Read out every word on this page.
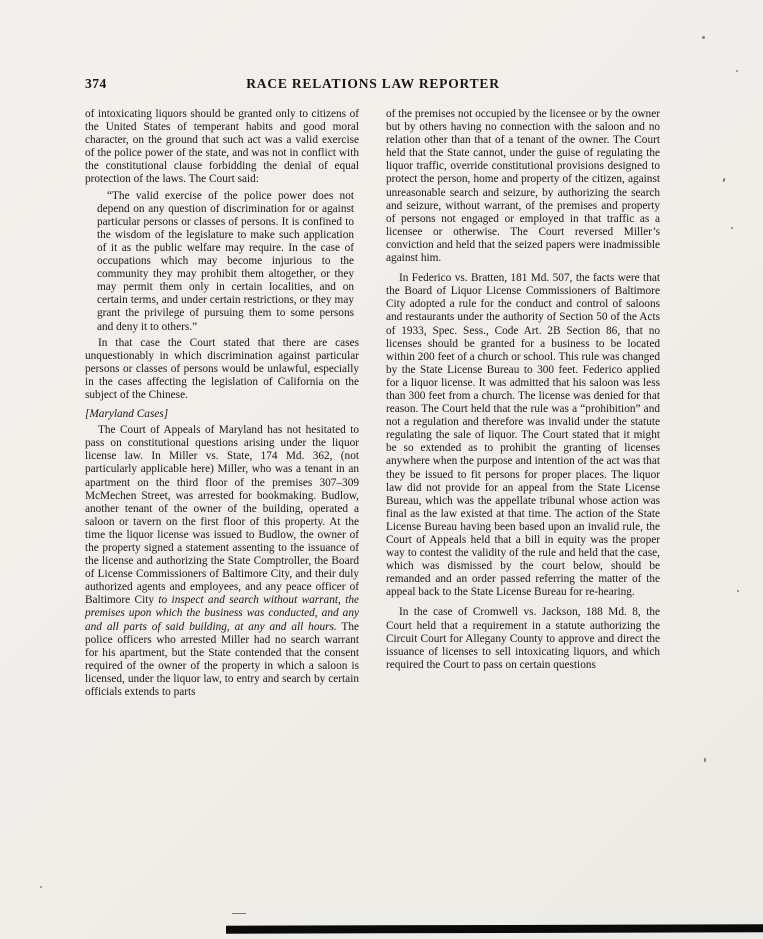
374	RACE RELATIONS LAW REPORTER

of intoxicating liquors should be granted only to citizens of the United States of temperant habits and good moral character, on the ground that such act was a valid exercise of the police power of the state, and was not in conflict with the constitutional clause forbidding the denial of equal protection of the laws. The Court said:

“The valid exercise of the police power does not depend on any question of discrimination for or against particular persons or classes of persons. It is confined to the wisdom of the legislature to make such application of it as the public welfare may require. In the case of occupations which may become injurious to the community they may prohibit them altogether, or they may permit them only in certain localities, and on certain terms, and under certain restrictions, or they may grant the privilege of pursuing them to some persons and deny it to others.”

In that case the Court stated that there are cases unquestionably in which discrimination against particular persons or classes of persons would be unlawful, especially in the cases affecting the legislation of California on the subject of the Chinese.

[Maryland Cases]

The Court of Appeals of Maryland has not hesitated to pass on constitutional questions arising under the liquor license law. In Miller vs. State, 174 Md. 362, (not particularly applicable here) Miller, who was a tenant in an apartment on the third floor of the premises 307–309 McMechen Street, was arrested for bookmaking. Budlow, another tenant of the owner of the building, operated a saloon or tavern on the first floor of this property. At the time the liquor license was issued to Budlow, the owner of the property signed a statement assenting to the issuance of the license and authorizing the State Comptroller, the Board of License Commissioners of Baltimore City, and their duly authorized agents and employees, and any peace officer of Baltimore City to inspect and search without warrant, the premises upon which the business was conducted, and any and all parts of said building, at any and all hours. The police officers who arrested Miller had no search warrant for his apartment, but the State contended that the consent required of the owner of the property in which a saloon is licensed, under the liquor law, to entry and search by certain officials extends to parts

of the premises not occupied by the licensee or by the owner but by others having no connection with the saloon and no relation other than that of a tenant of the owner. The Court held that the State cannot, under the guise of regulating the liquor traffic, override constitutional provisions designed to protect the person, home and property of the citizen, against unreasonable search and seizure, by authorizing the search and seizure, without warrant, of the premises and property of persons not engaged or employed in that traffic as a licensee or otherwise. The Court reversed Miller’s conviction and held that the seized papers were inadmissible against him.

In Federico vs. Bratten, 181 Md. 507, the facts were that the Board of Liquor License Commissioners of Baltimore City adopted a rule for the conduct and control of saloons and restaurants under the authority of Section 50 of the Acts of 1933, Spec. Sess., Code Art. 2B Section 86, that no licenses should be granted for a business to be located within 200 feet of a church or school. This rule was changed by the State License Bureau to 300 feet. Federico applied for a liquor license. It was admitted that his saloon was less than 300 feet from a church. The license was denied for that reason. The Court held that the rule was a “prohibition” and not a regulation and therefore was invalid under the statute regulating the sale of liquor. The Court stated that it might be so extended as to prohibit the granting of licenses anywhere when the purpose and intention of the act was that they be issued to fit persons for proper places. The liquor law did not provide for an appeal from the State License Bureau, which was the appellate tribunal whose action was final as the law existed at that time. The action of the State License Bureau having been based upon an invalid rule, the Court of Appeals held that a bill in equity was the proper way to contest the validity of the rule and held that the case, which was dismissed by the court below, should be remanded and an order passed referring the matter of the appeal back to the State License Bureau for re-hearing.

In the case of Cromwell vs. Jackson, 188 Md. 8, the Court held that a requirement in a statute authorizing the Circuit Court for Allegany County to approve and direct the issuance of licenses to sell intoxicating liquors, and which required the Court to pass on certain questions
